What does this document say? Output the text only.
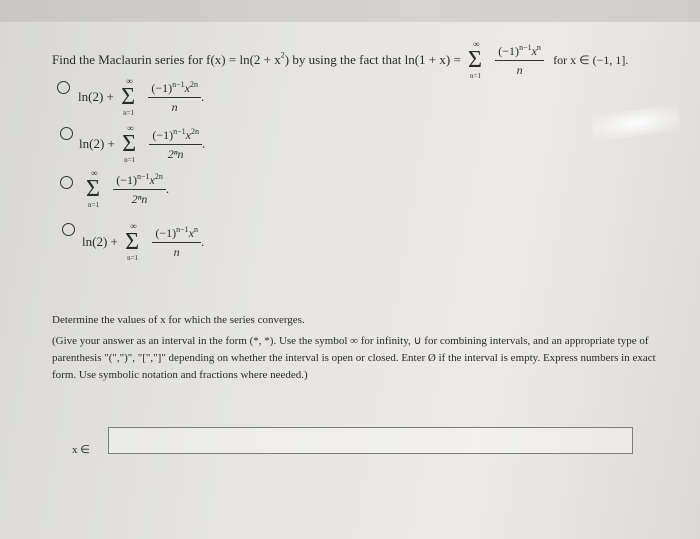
Find the Maclaurin series for $f(x) = \ln(2 + x^2)$ by using the fact that ln(1 + x) =
∞
Σ
n=1
$\frac{(-1)^{n-1}x^n}{n}$ for x ∈ (−1, 1].
ln(2) +
∞
Σ
n=1
$\frac{(-1)^{n-1}x^{2n}}{n}$ .
ln(2) +
∞
Σ
n=1
$\frac{(-1)^{n-1}x^{2n}}{\text{2ⁿn}}$ .
∞
Σ
n=1
$\frac{(-1)^{n-1}x^{2n}}{\text{2ⁿn}}$ .
ln(2) +
∞
Σ
n=1
$\frac{(-1)^{n-1}x^n}{n}$ .
Determine the values of x for which the series converges.
(Give your answer as an interval in the form (*, *). Use the symbol ∞ for infinity, ∪ for combining intervals, and an appropriate type of parenthesis "(",")", "[","]" depending on whether the interval is open or closed. Enter Ø if the interval is empty. Express numbers in exact form. Use symbolic notation and fractions where needed.)
x ∈
